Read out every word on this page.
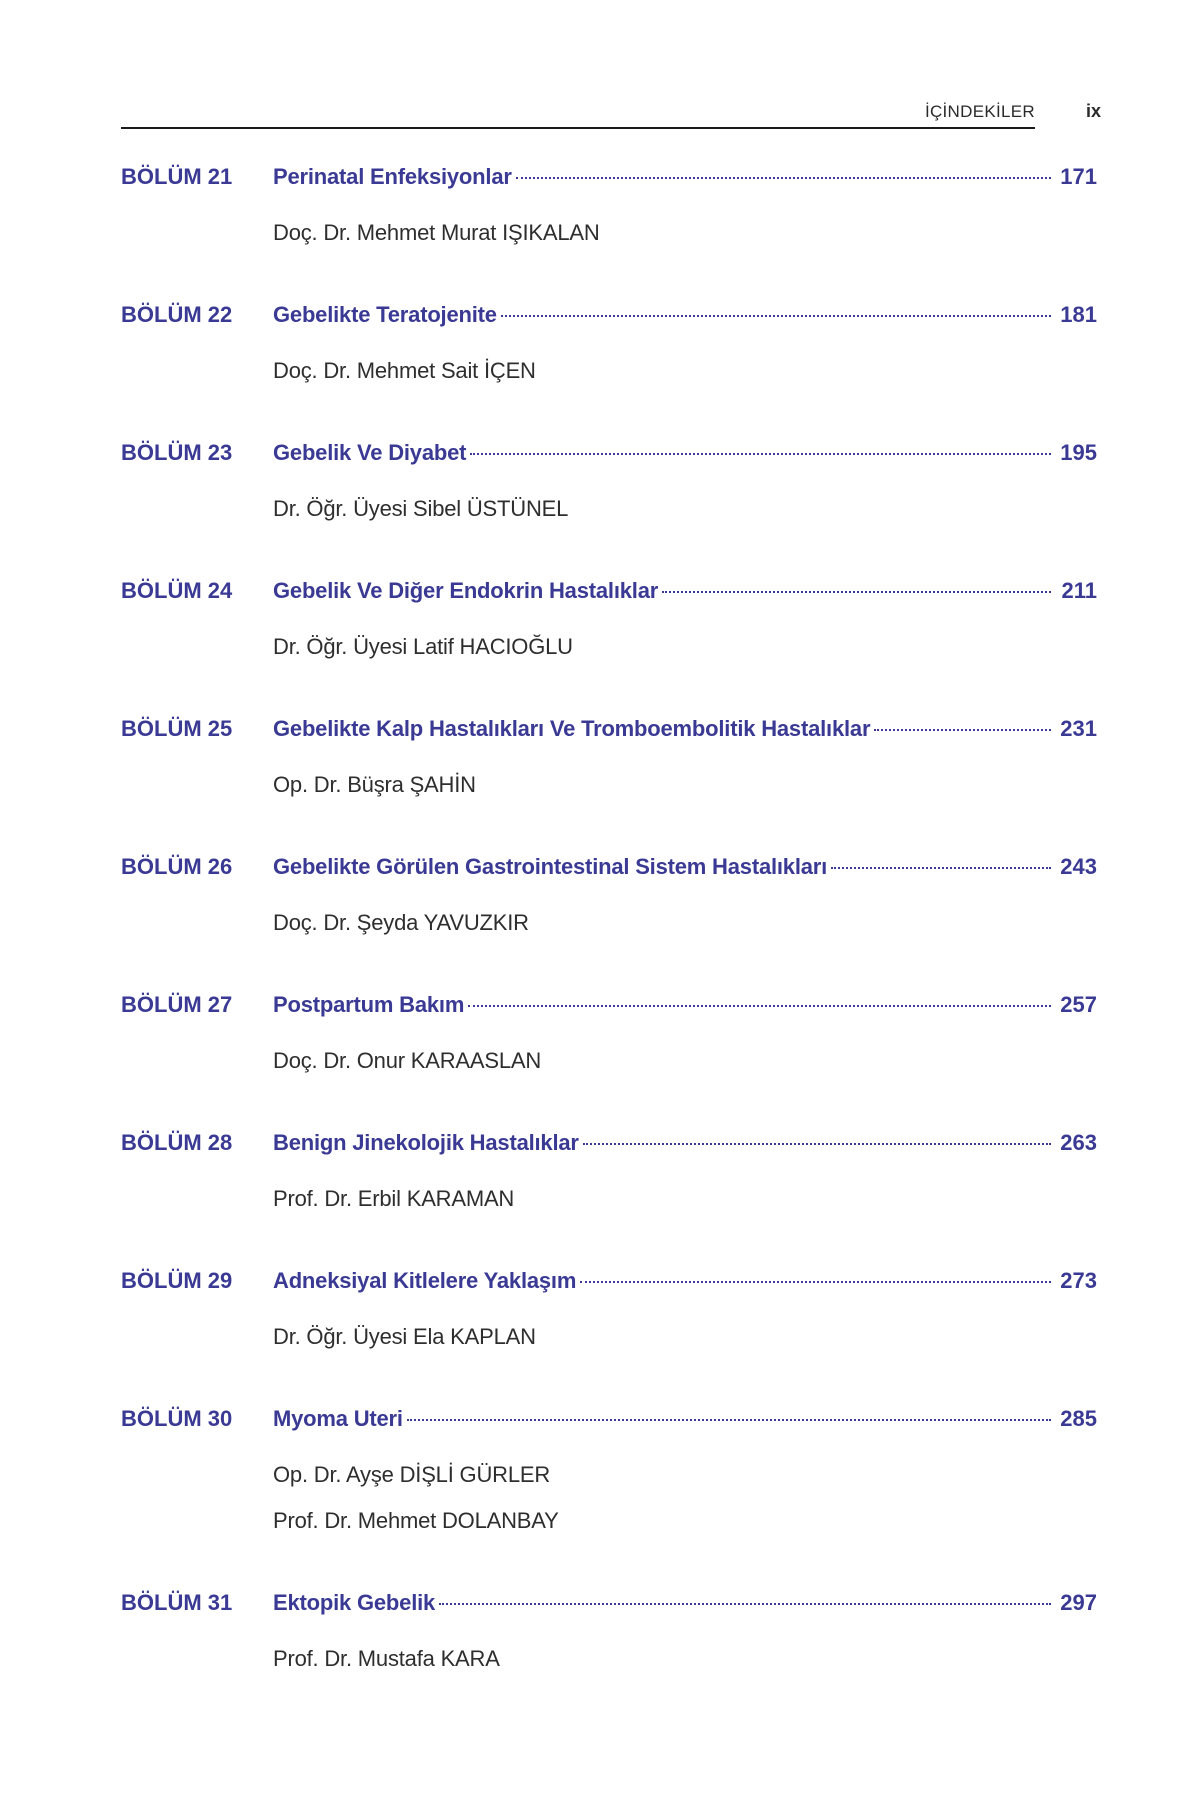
İÇİNDEKİLER	ix
BÖLÜM 21	Perinatal Enfeksiyonlar	171
Doç. Dr. Mehmet Murat IŞIKALAN
BÖLÜM 22	Gebelikte Teratojenite	181
Doç. Dr. Mehmet Sait İÇEN
BÖLÜM 23	Gebelik Ve Diyabet	195
Dr. Öğr. Üyesi Sibel ÜSTÜNEL
BÖLÜM 24	Gebelik Ve Diğer Endokrin Hastalıklar	211
Dr. Öğr. Üyesi Latif HACIOĞLU
BÖLÜM 25	Gebelikte Kalp Hastalıkları Ve Tromboembolitik Hastalıklar	231
Op. Dr. Büşra ŞAHİN
BÖLÜM 26	Gebelikte Görülen Gastrointestinal Sistem Hastalıkları	243
Doç. Dr. Şeyda YAVUZKIR
BÖLÜM 27	Postpartum Bakım	257
Doç. Dr. Onur KARAASLAN
BÖLÜM 28	Benign Jinekolojik Hastalıklar	263
Prof. Dr. Erbil KARAMAN
BÖLÜM 29	Adneksiyal Kitlelere Yaklaşım	273
Dr. Öğr. Üyesi Ela KAPLAN
BÖLÜM 30	Myoma Uteri	285
Op. Dr. Ayşe DİŞLİ GÜRLER
Prof. Dr. Mehmet DOLANBAY
BÖLÜM 31	Ektopik Gebelik	297
Prof. Dr. Mustafa KARA
